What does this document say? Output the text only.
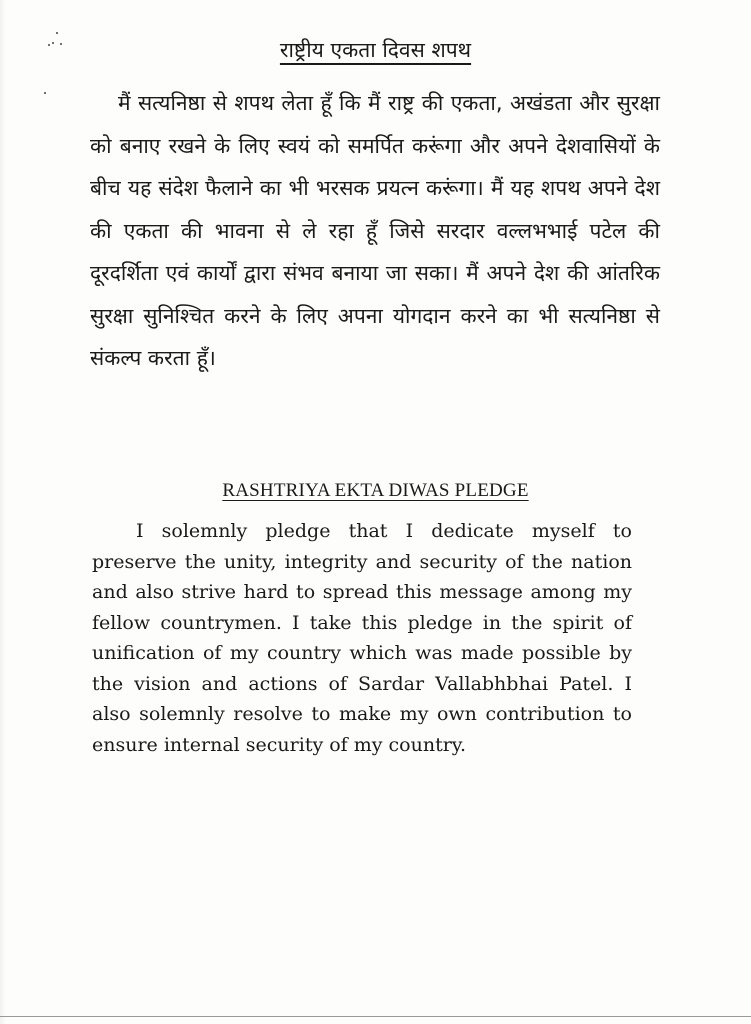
राष्ट्रीय एकता दिवस शपथ
मैं सत्यनिष्ठा से शपथ लेता हूँ कि मैं राष्ट्र की एकता, अखंडता और सुरक्षा को बनाए रखने के लिए स्वयं को समर्पित करूंगा और अपने देशवासियों के बीच यह संदेश फैलाने का भी भरसक प्रयत्न करूंगा। मैं यह शपथ अपने देश की एकता की भावना से ले रहा हूँ जिसे सरदार वल्लभभाई पटेल की दूरदर्शिता एवं कार्यों द्वारा संभव बनाया जा सका। मैं अपने देश की आंतरिक सुरक्षा सुनिश्चित करने के लिए अपना योगदान करने का भी सत्यनिष्ठा से संकल्प करता हूँ।
RASHTRIYA EKTA DIWAS PLEDGE
I solemnly pledge that I dedicate myself to preserve the unity, integrity and security of the nation and also strive hard to spread this message among my fellow countrymen. I take this pledge in the spirit of unification of my country which was made possible by the vision and actions of Sardar Vallabhbhai Patel. I also solemnly resolve to make my own contribution to ensure internal security of my country.
